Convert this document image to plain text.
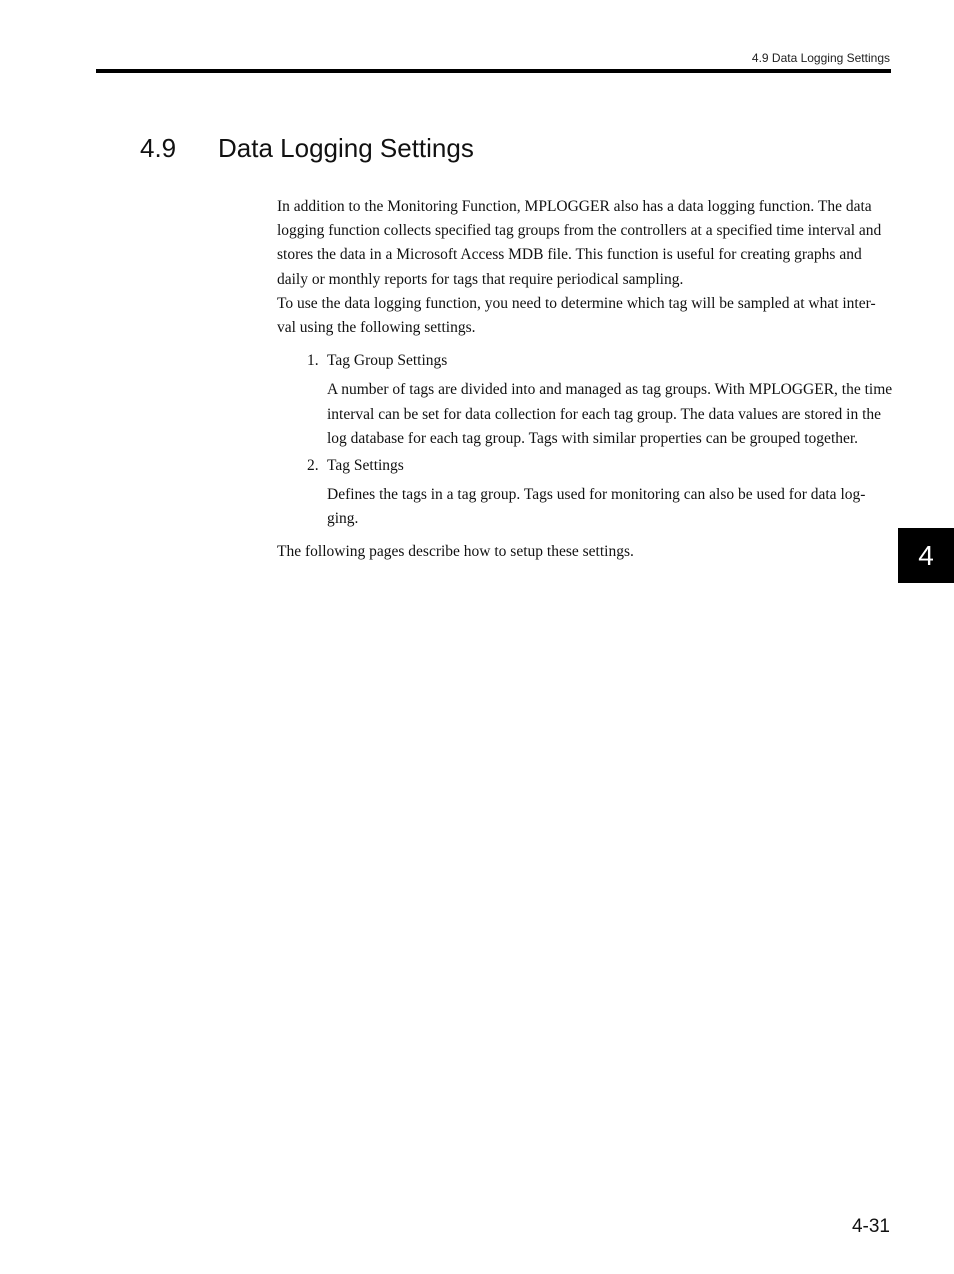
4.9 Data Logging Settings
4.9 Data Logging Settings

In addition to the Monitoring Function, MPLOGGER also has a data logging function. The data logging function collects specified tag groups from the controllers at a specified time interval and stores the data in a Microsoft Access MDB file. This function is useful for creating graphs and daily or monthly reports for tags that require periodical sampling.

To use the data logging function, you need to determine which tag will be sampled at what inter-val using the following settings.

1. Tag Group Settings
A number of tags are divided into and managed as tag groups. With MPLOGGER, the time interval can be set for data collection for each tag group. The data values are stored in the log database for each tag group. Tags with similar properties can be grouped together.
2. Tag Settings
Defines the tags in a tag group. Tags used for monitoring can also be used for data log-ging.

The following pages describe how to setup these settings.	4
4-31
